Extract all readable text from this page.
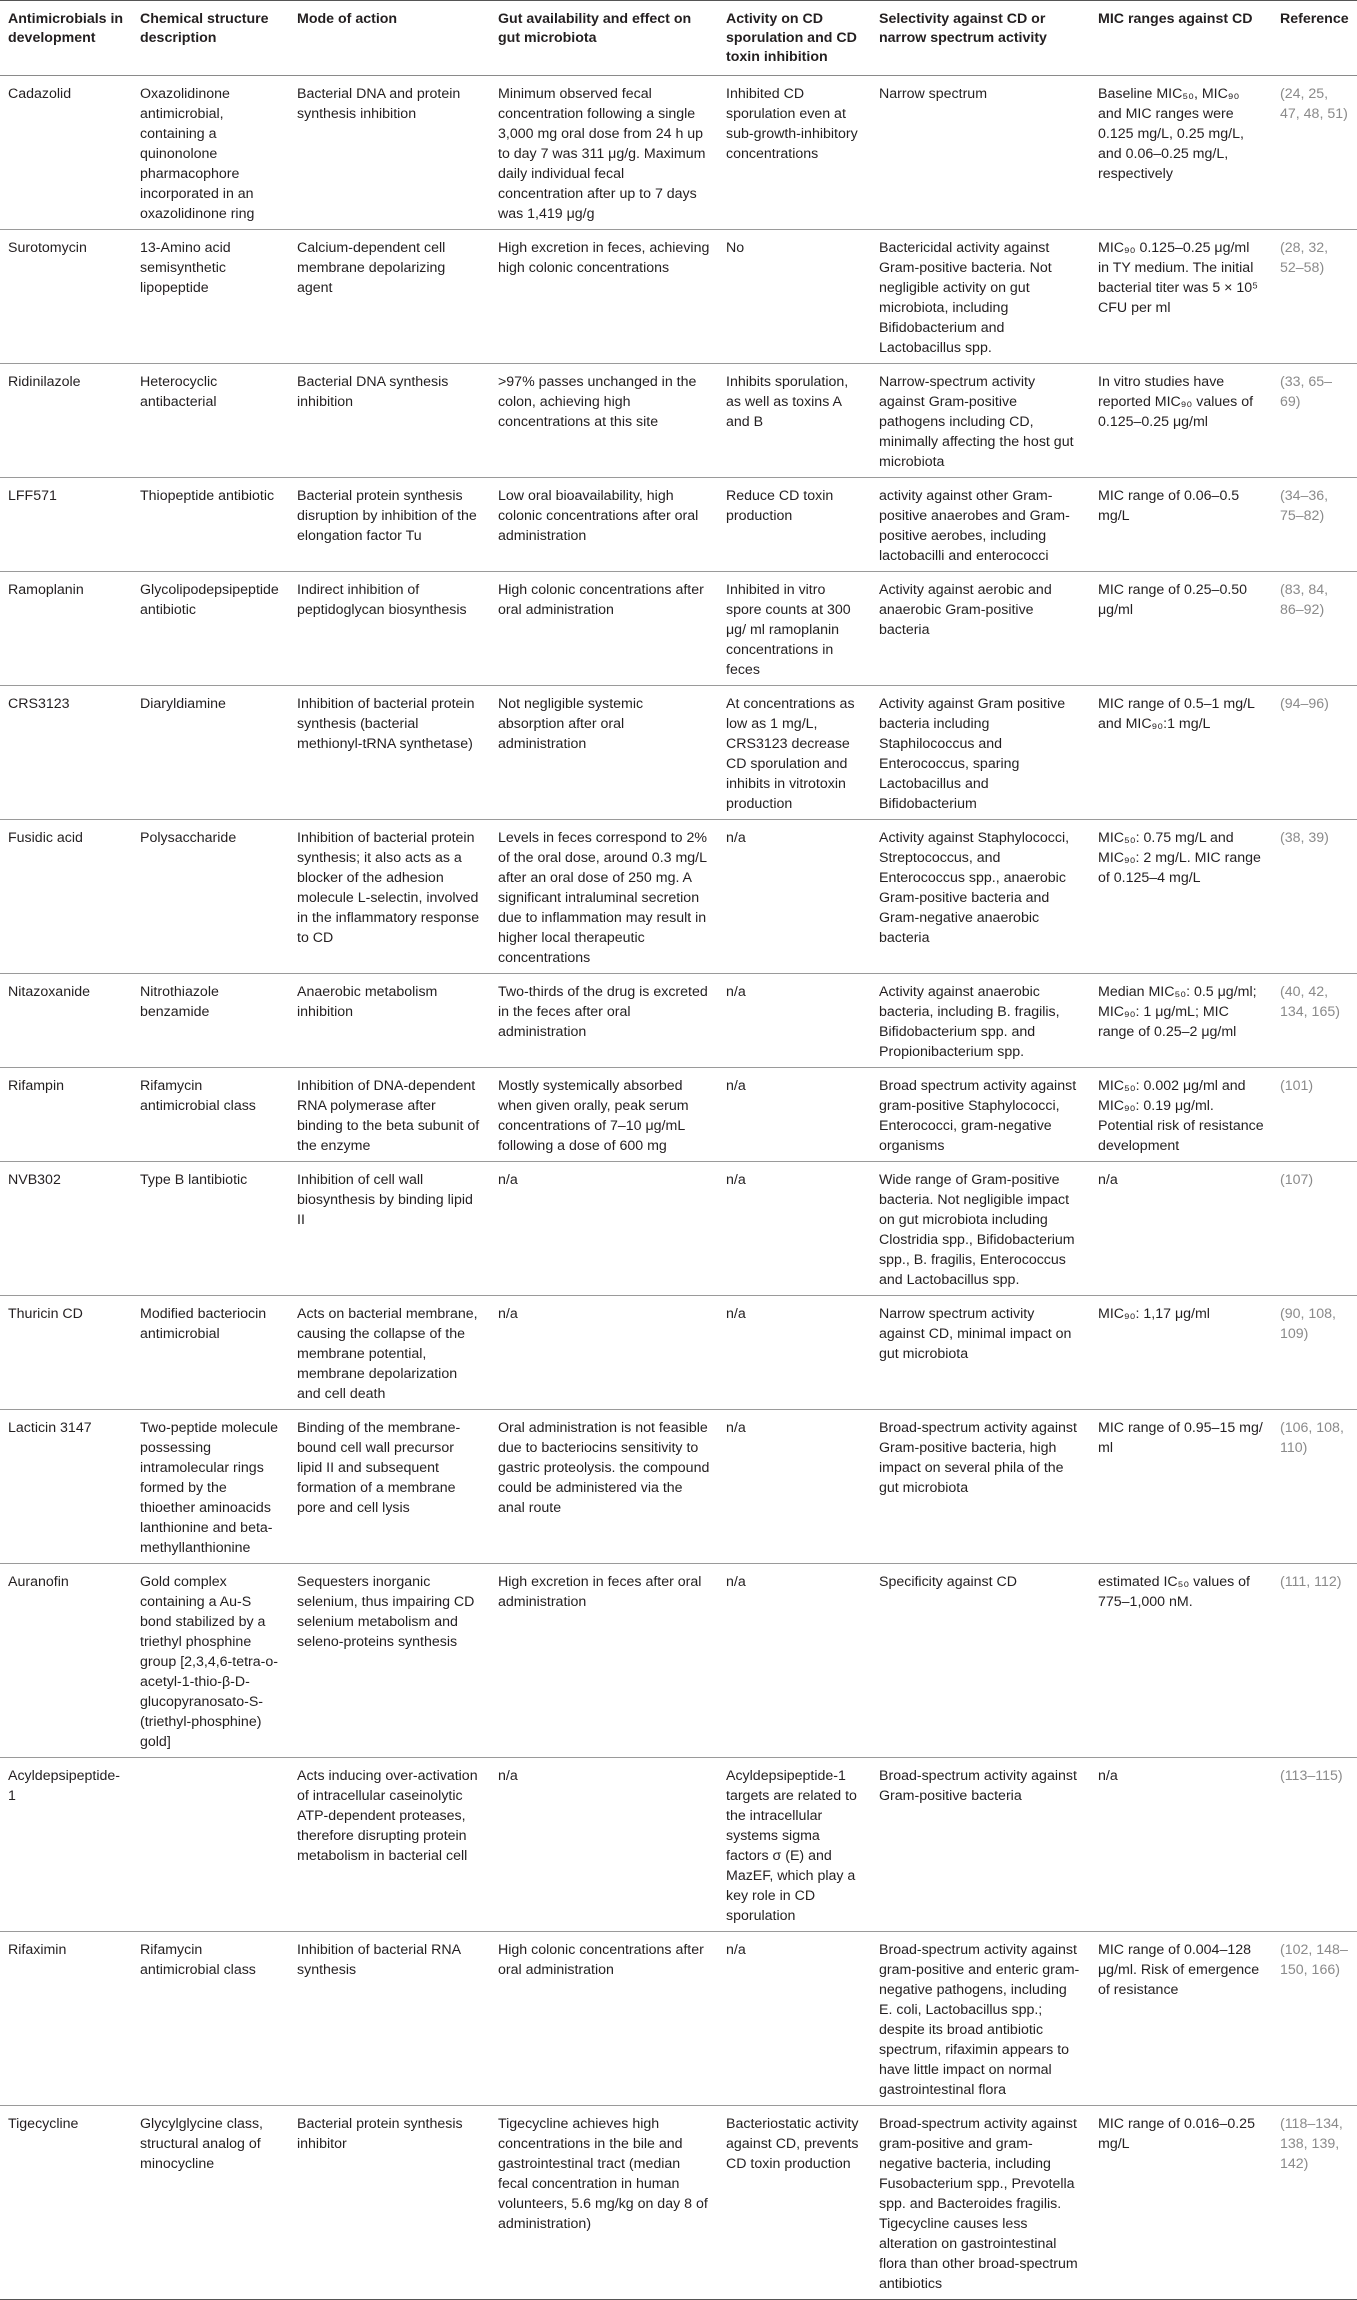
Antimicrobials in development	Chemical structure description	Mode of action	Gut availability and effect on gut microbiota	Activity on CD sporulation and CD toxin inhibition	Selectivity against CD or narrow spectrum activity	MIC ranges against CD	Reference
Cadazolid	Oxazolidinone antimicrobial, containing a quinonolone pharmacophore incorporated in an oxazolidinone ring	Bacterial DNA and protein synthesis inhibition	Minimum observed fecal concentration following a single 3,000 mg oral dose from 24 h up to day 7 was 311 μg/g. Maximum daily individual fecal concentration after up to 7 days was 1,419 μg/g	Inhibited CD sporulation even at sub-growth-inhibitory concentrations	Narrow spectrum	Baseline MIC₅₀, MIC₉₀ and MIC ranges were 0.125 mg/L, 0.25 mg/L, and 0.06–0.25 mg/L, respectively	(24, 25, 47, 48, 51)
Surotomycin	13-Amino acid semisynthetic lipopeptide	Calcium-dependent cell membrane depolarizing agent	High excretion in feces, achieving high colonic concentrations	No	Bactericidal activity against Gram-positive bacteria. Not negligible activity on gut microbiota, including Bifidobacterium and Lactobacillus spp.	MIC₉₀ 0.125–0.25 μg/ml in TY medium. The initial bacterial titer was 5 × 10⁵ CFU per ml	(28, 32, 52–58)
Ridinilazole	Heterocyclic antibacterial	Bacterial DNA synthesis inhibition	>97% passes unchanged in the colon, achieving high concentrations at this site	Inhibits sporulation, as well as toxins A and B	Narrow-spectrum activity against Gram-positive pathogens including CD, minimally affecting the host gut microbiota	In vitro studies have reported MIC₉₀ values of 0.125–0.25 μg/ml	(33, 65–69)
LFF571	Thiopeptide antibiotic	Bacterial protein synthesis disruption by inhibition of the elongation factor Tu	Low oral bioavailability, high colonic concentrations after oral administration	Reduce CD toxin production	activity against other Gram-positive anaerobes and Gram-positive aerobes, including lactobacilli and enterococci	MIC range of 0.06–0.5 mg/L	(34–36, 75–82)
Ramoplanin	Glycolipodepsipeptide antibiotic	Indirect inhibition of peptidoglycan biosynthesis	High colonic concentrations after oral administration	Inhibited in vitro spore counts at 300 μg/ ml ramoplanin concentrations in feces	Activity against aerobic and anaerobic Gram-positive bacteria	MIC range of 0.25–0.50 μg/ml	(83, 84, 86–92)
CRS3123	Diaryldiamine	Inhibition of bacterial protein synthesis (bacterial methionyl-tRNA synthetase)	Not negligible systemic absorption after oral administration	At concentrations as low as 1 mg/L, CRS3123 decrease CD sporulation and inhibits in vitrotoxin production	Activity against Gram positive bacteria including Staphilococcus and Enterococcus, sparing Lactobacillus and Bifidobacterium	MIC range of 0.5–1 mg/L and MIC₉₀:1 mg/L	(94–96)
Fusidic acid	Polysaccharide	Inhibition of bacterial protein synthesis; it also acts as a blocker of the adhesion molecule L-selectin, involved in the inflammatory response to CD	Levels in feces correspond to 2% of the oral dose, around 0.3 mg/L after an oral dose of 250 mg. A significant intraluminal secretion due to inflammation may result in higher local therapeutic concentrations	n/a	Activity against Staphylococci, Streptococcus, and Enterococcus spp., anaerobic Gram-positive bacteria and Gram-negative anaerobic bacteria	MIC₅₀: 0.75 mg/L and MIC₉₀: 2 mg/L. MIC range of 0.125–4 mg/L	(38, 39)
Nitazoxanide	Nitrothiazole benzamide	Anaerobic metabolism inhibition	Two-thirds of the drug is excreted in the feces after oral administration	n/a	Activity against anaerobic bacteria, including B. fragilis, Bifidobacterium spp. and Propionibacterium spp.	Median MIC₅₀: 0.5 μg/ml; MIC₉₀: 1 μg/mL; MIC range of 0.25–2 μg/ml	(40, 42, 134, 165)
Rifampin	Rifamycin antimicrobial class	Inhibition of DNA-dependent RNA polymerase after binding to the beta subunit of the enzyme	Mostly systemically absorbed when given orally, peak serum concentrations of 7–10 μg/mL following a dose of 600 mg	n/a	Broad spectrum activity against gram-positive Staphylococci, Enterococci, gram-negative organisms	MIC₅₀: 0.002 μg/ml and MIC₉₀: 0.19 μg/ml. Potential risk of resistance development	(101)
NVB302	Type B lantibiotic	Inhibition of cell wall biosynthesis by binding lipid II	n/a	n/a	Wide range of Gram-positive bacteria. Not negligible impact on gut microbiota including Clostridia spp., Bifidobacterium spp., B. fragilis, Enterococcus and Lactobacillus spp.	n/a	(107)
Thuricin CD	Modified bacteriocin antimicrobial	Acts on bacterial membrane, causing the collapse of the membrane potential, membrane depolarization and cell death	n/a	n/a	Narrow spectrum activity against CD, minimal impact on gut microbiota	MIC₉₀: 1,17 μg/ml	(90, 108, 109)
Lacticin 3147	Two-peptide molecule possessing intramolecular rings formed by the thioether aminoacids lanthionine and beta-methyllanthionine	Binding of the membrane-bound cell wall precursor lipid II and subsequent formation of a membrane pore and cell lysis	Oral administration is not feasible due to bacteriocins sensitivity to gastric proteolysis. the compound could be administered via the anal route	n/a	Broad-spectrum activity against Gram-positive bacteria, high impact on several phila of the gut microbiota	MIC range of 0.95–15 mg/ ml	(106, 108, 110)
Auranofin	Gold complex containing a Au-S bond stabilized by a triethyl phosphine group [2,3,4,6-tetra-o-acetyl-1-thio-β-D-glucopyranosato-S-(triethyl-phosphine) gold]	Sequesters inorganic selenium, thus impairing CD selenium metabolism and seleno-proteins synthesis	High excretion in feces after oral administration	n/a	Specificity against CD	estimated IC₅₀ values of 775–1,000 nM.	(111, 112)
Acyldepsipeptide-1		Acts inducing over-activation of intracellular caseinolytic ATP-dependent proteases, therefore disrupting protein metabolism in bacterial cell	n/a	Acyldepsipeptide-1 targets are related to the intracellular systems sigma factors σ (E) and MazEF, which play a key role in CD sporulation	Broad-spectrum activity against Gram-positive bacteria	n/a	(113–115)
Rifaximin	Rifamycin antimicrobial class	Inhibition of bacterial RNA synthesis	High colonic concentrations after oral administration	n/a	Broad-spectrum activity against gram-positive and enteric gram-negative pathogens, including E. coli, Lactobacillus spp.; despite its broad antibiotic spectrum, rifaximin appears to have little impact on normal gastrointestinal flora	MIC range of 0.004–128 μg/ml. Risk of emergence of resistance	(102, 148–150, 166)
Tigecycline	Glycylglycine class, structural analog of minocycline	Bacterial protein synthesis inhibitor	Tigecycline achieves high concentrations in the bile and gastrointestinal tract (median fecal concentration in human volunteers, 5.6 mg/kg on day 8 of administration)	Bacteriostatic activity against CD, prevents CD toxin production	Broad-spectrum activity against gram-positive and gram-negative bacteria, including Fusobacterium spp., Prevotella spp. and Bacteroides fragilis. Tigecycline causes less alteration on gastrointestinal flora than other broad-spectrum antibiotics	MIC range of 0.016–0.25 mg/L	(118–134, 138, 139, 142)
